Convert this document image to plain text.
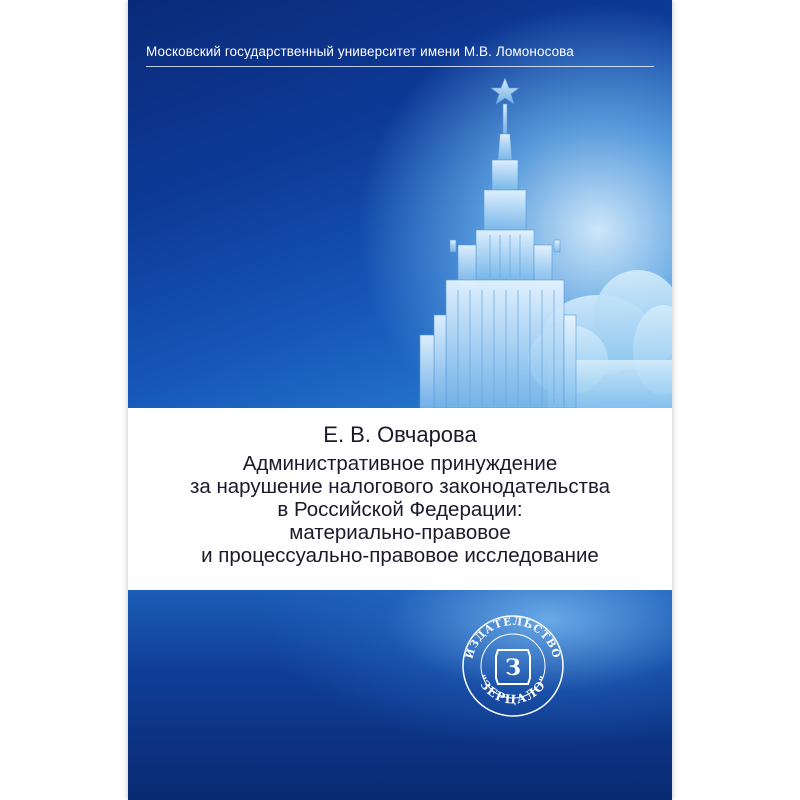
Московский государственный университет имени М.В. Ломоносова
Е. В. Овчарова
Административное принуждение
за нарушение налогового законодательства
в Российской Федерации:
материально-правовое
и процессуально-правовое исследование
ИЗДАТЕЛЬСТВО
"ЗЕРЦАЛО"
З
